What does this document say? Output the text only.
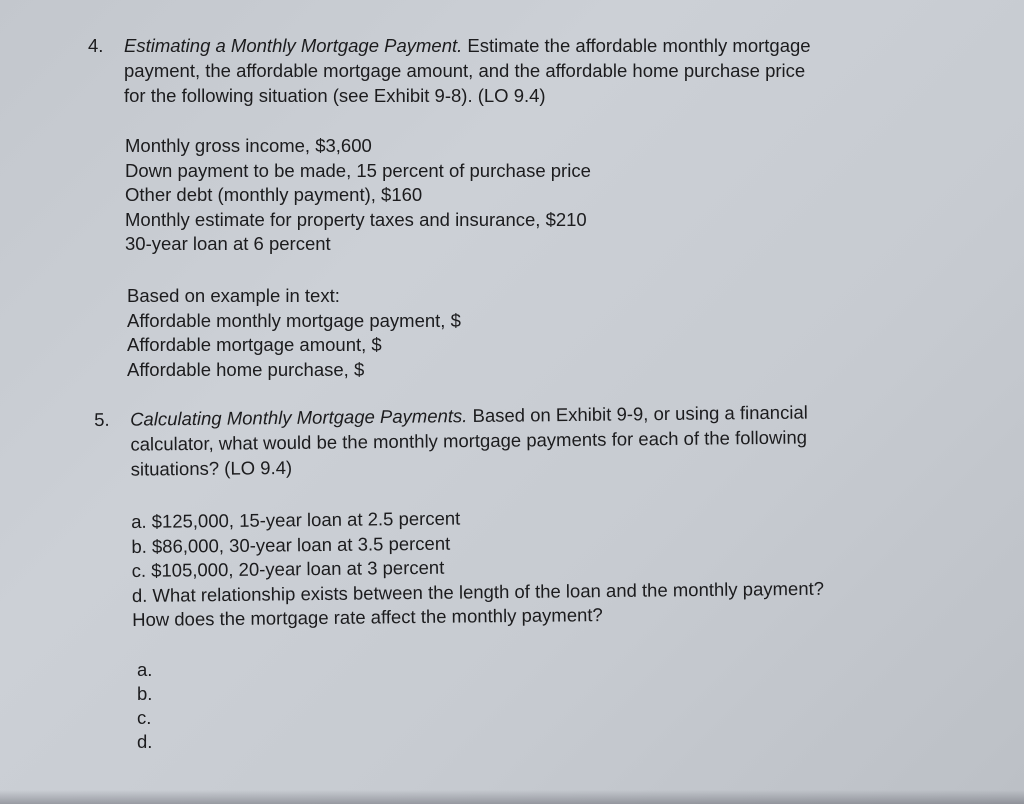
4. Estimating a Monthly Mortgage Payment. Estimate the affordable monthly mortgage
payment, the affordable mortgage amount, and the affordable home purchase price
for the following situation (see Exhibit 9-8). (LO 9.4)
Monthly gross income, $3,600
Down payment to be made, 15 percent of purchase price
Other debt (monthly payment), $160
Monthly estimate for property taxes and insurance, $210
30-year loan at 6 percent
Based on example in text:
Affordable monthly mortgage payment, $
Affordable mortgage amount, $
Affordable home purchase, $
5. Calculating Monthly Mortgage Payments. Based on Exhibit 9-9, or using a financial
calculator, what would be the monthly mortgage payments for each of the following
situations? (LO 9.4)
a. $125,000, 15-year loan at 2.5 percent
b. $86,000, 30-year loan at 3.5 percent
c. $105,000, 20-year loan at 3 percent
d. What relationship exists between the length of the loan and the monthly payment?
How does the mortgage rate affect the monthly payment?
a.
b.
c.
d.
